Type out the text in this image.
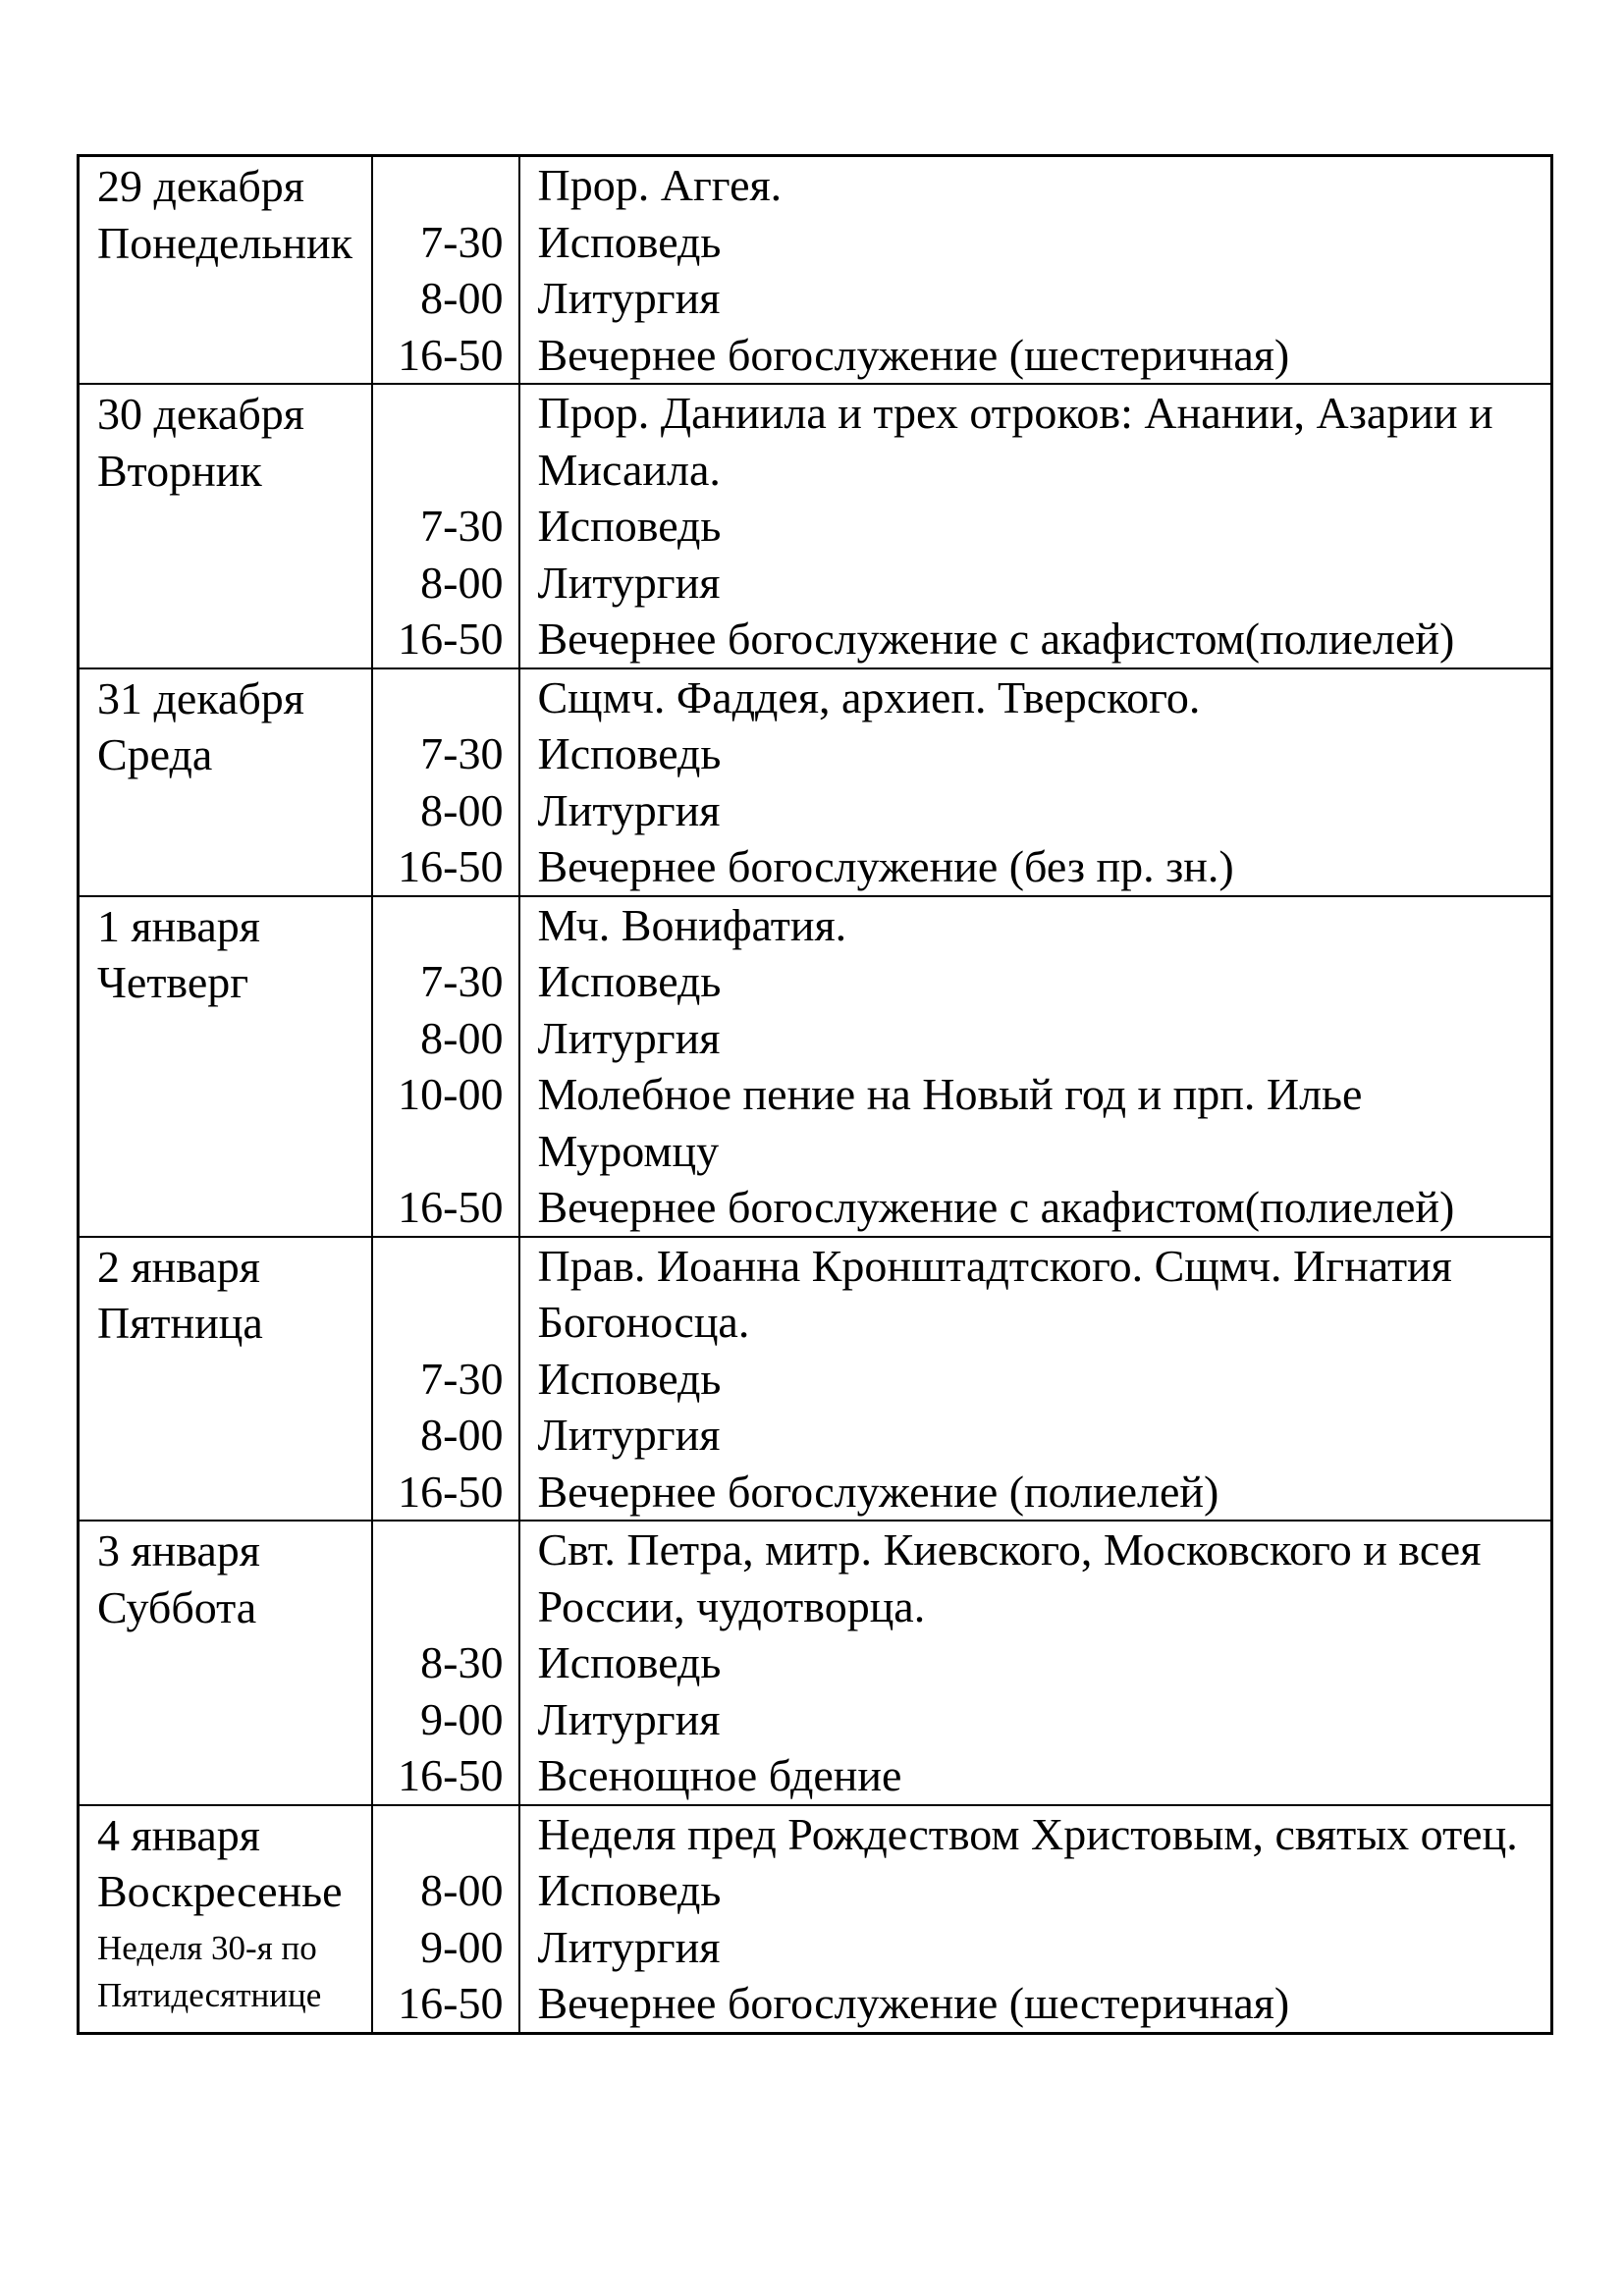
29 декабря
Понедельник

Прор. Аггея.
7-30 Исповедь
8-00 Литургия
16-50 Вечернее богослужение (шестеричная)

30 декабря
Вторник

Прор. Даниила и трех отроков: Анании, Азарии и Мисаила.
7-30 Исповедь
8-00 Литургия
16-50 Вечернее богослужение с акафистом(полиелей)

31 декабря
Среда

Сщмч. Фаддея, архиеп. Тверского.
7-30 Исповедь
8-00 Литургия
16-50 Вечернее богослужение (без пр. зн.)

1 января
Четверг

Мч. Вонифатия.
7-30 Исповедь
8-00 Литургия
10-00 Молебное пение на Новый год и прп. Илье Муромцу
16-50 Вечернее богослужение с акафистом(полиелей)

2 января
Пятница

Прав. Иоанна Кронштадтского. Сщмч. Игнатия Богоносца.
7-30 Исповедь
8-00 Литургия
16-50 Вечернее богослужение (полиелей)

3 января
Суббота

Свт. Петра, митр. Киевского, Московского и всея России, чудотворца.
8-30 Исповедь
9-00 Литургия
16-50 Всенощное бдение

4 января
Воскресенье
Неделя 30-я по Пятидесятнице

Неделя пред Рождеством Христовым, святых отец.
8-00 Исповедь
9-00 Литургия
16-50 Вечернее богослужение (шестеричная)
